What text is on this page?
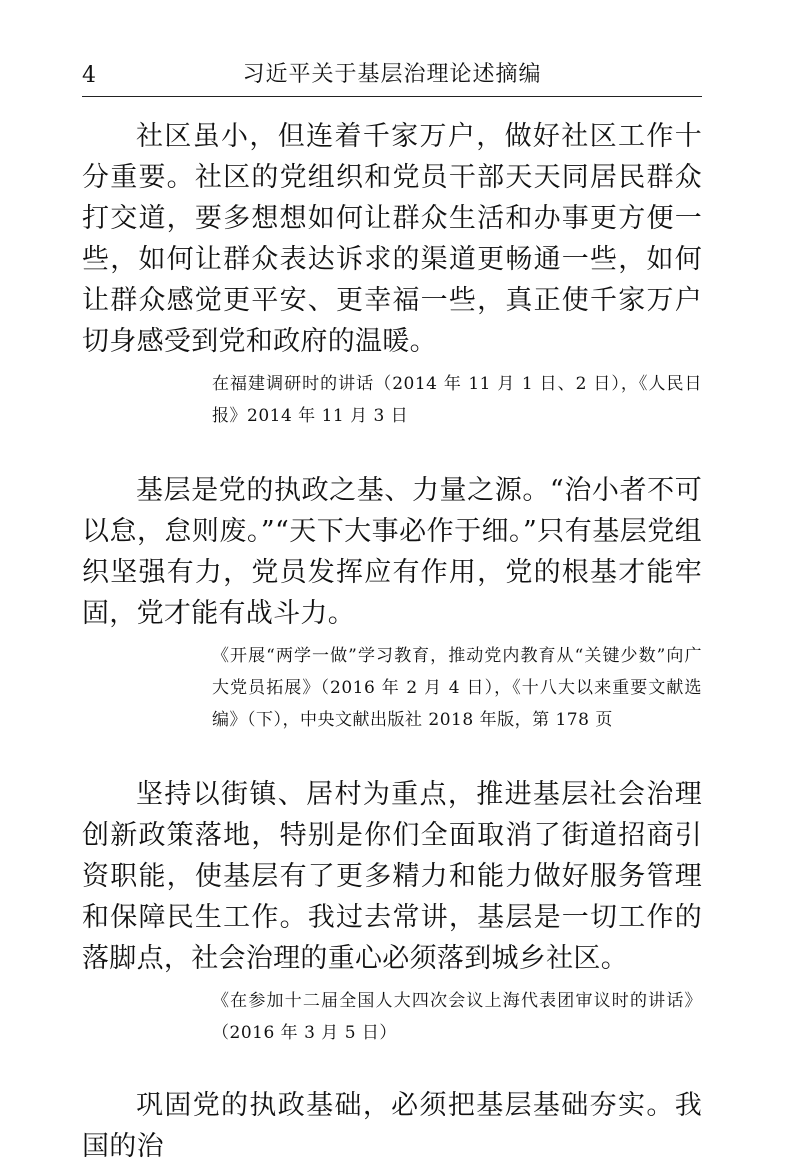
4	习近平关于基层治理论述摘编

社区虽小，但连着千家万户，做好社区工作十分重要。社区的党组织和党员干部天天同居民群众打交道，要多想想如何让群众生活和办事更方便一些，如何让群众表达诉求的渠道更畅通一些，如何让群众感觉更平安、更幸福一些，真正使千家万户切身感受到党和政府的温暖。

在福建调研时的讲话（2014 年 11 月 1 日、2 日），《人民日报》2014 年 11 月 3 日

基层是党的执政之基、力量之源。“治小者不可以怠，怠则废。”“天下大事必作于细。”只有基层党组织坚强有力，党员发挥应有作用，党的根基才能牢固，党才能有战斗力。

《开展“两学一做”学习教育，推动党内教育从“关键少数”向广大党员拓展》（2016 年 2 月 4 日），《十八大以来重要文献选编》（下），中央文献出版社 2018 年版，第 178 页

坚持以街镇、居村为重点，推进基层社会治理创新政策落地，特别是你们全面取消了街道招商引资职能，使基层有了更多精力和能力做好服务管理和保障民生工作。我过去常讲，基层是一切工作的落脚点，社会治理的重心必须落到城乡社区。

《在参加十二届全国人大四次会议上海代表团审议时的讲话》（2016 年 3 月 5 日）

巩固党的执政基础，必须把基层基础夯实。我国的治
